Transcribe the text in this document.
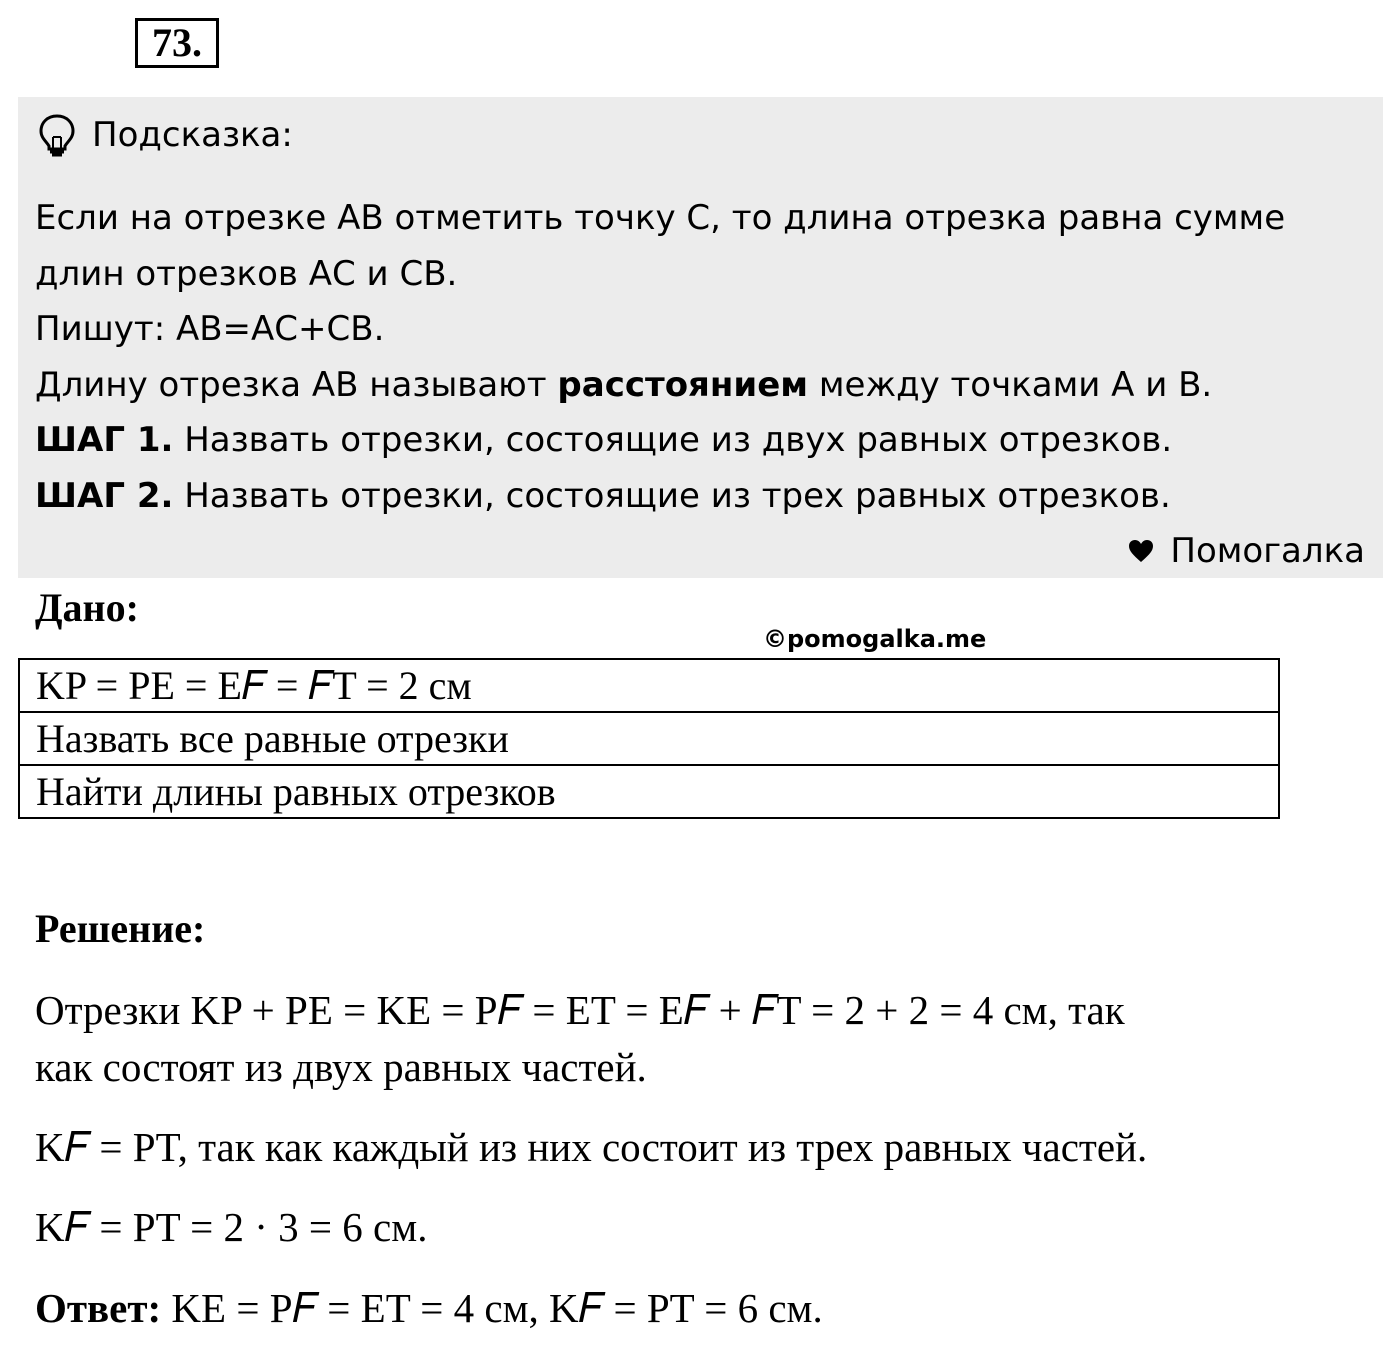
73.
Подсказка:

Если на отрезке АВ отметить точку С, то длина отрезка равна сумме

длин отрезков АС и СВ.

Пишут: АВ=АС+СВ.

Длину отрезка АВ называют расстоянием между точками А и В.

ШАГ 1. Назвать отрезки, состоящие из двух равных отрезков.

ШАГ 2. Назвать отрезки, состоящие из трех равных отрезков.

Помогалка
Дано:
©pomogalka.me
KP = PE = E𝐹 = 𝐹T = 2 см
Назвать все равные отрезки
Найти длины равных отрезков
Решение:
Отрезки KP + PE = KE = P𝐹 = ET = E𝐹 + 𝐹T = 2 + 2 = 4 см, так
как состоят из двух равных частей.
K𝐹 = PT, так как каждый из них состоит из трех равных частей.
K𝐹 = PT = 2 · 3 = 6 см.
Ответ: KE = P𝐹 = ET = 4 см, K𝐹 = PT = 6 см.
